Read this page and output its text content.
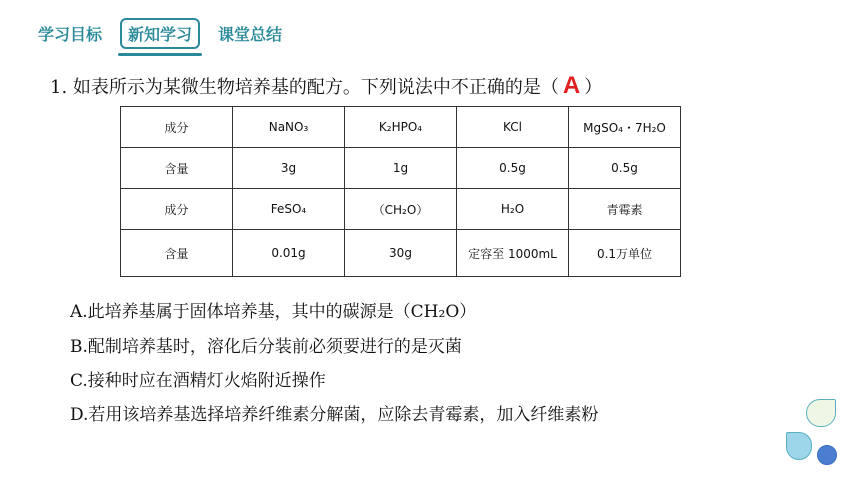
学习目标	新知学习	课堂总结
1. 如表所示为某微生物培养基的配方。下列说法中不正确的是（ A ）
成分	NaNO₃	K₂HPO₄	KCl	MgSO₄・7H₂O
含量	3g	1g	0.5g	0.5g
成分	FeSO₄	（CH₂O）	H₂O	青霉素
含量	0.01g	30g	定容至 1000mL	0.1万单位
A.此培养基属于固体培养基，其中的碳源是（CH₂O）
B.配制培养基时，溶化后分装前必须要进行的是灭菌
C.接种时应在酒精灯火焰附近操作
D.若用该培养基选择培养纤维素分解菌，应除去青霉素，加入纤维素粉
